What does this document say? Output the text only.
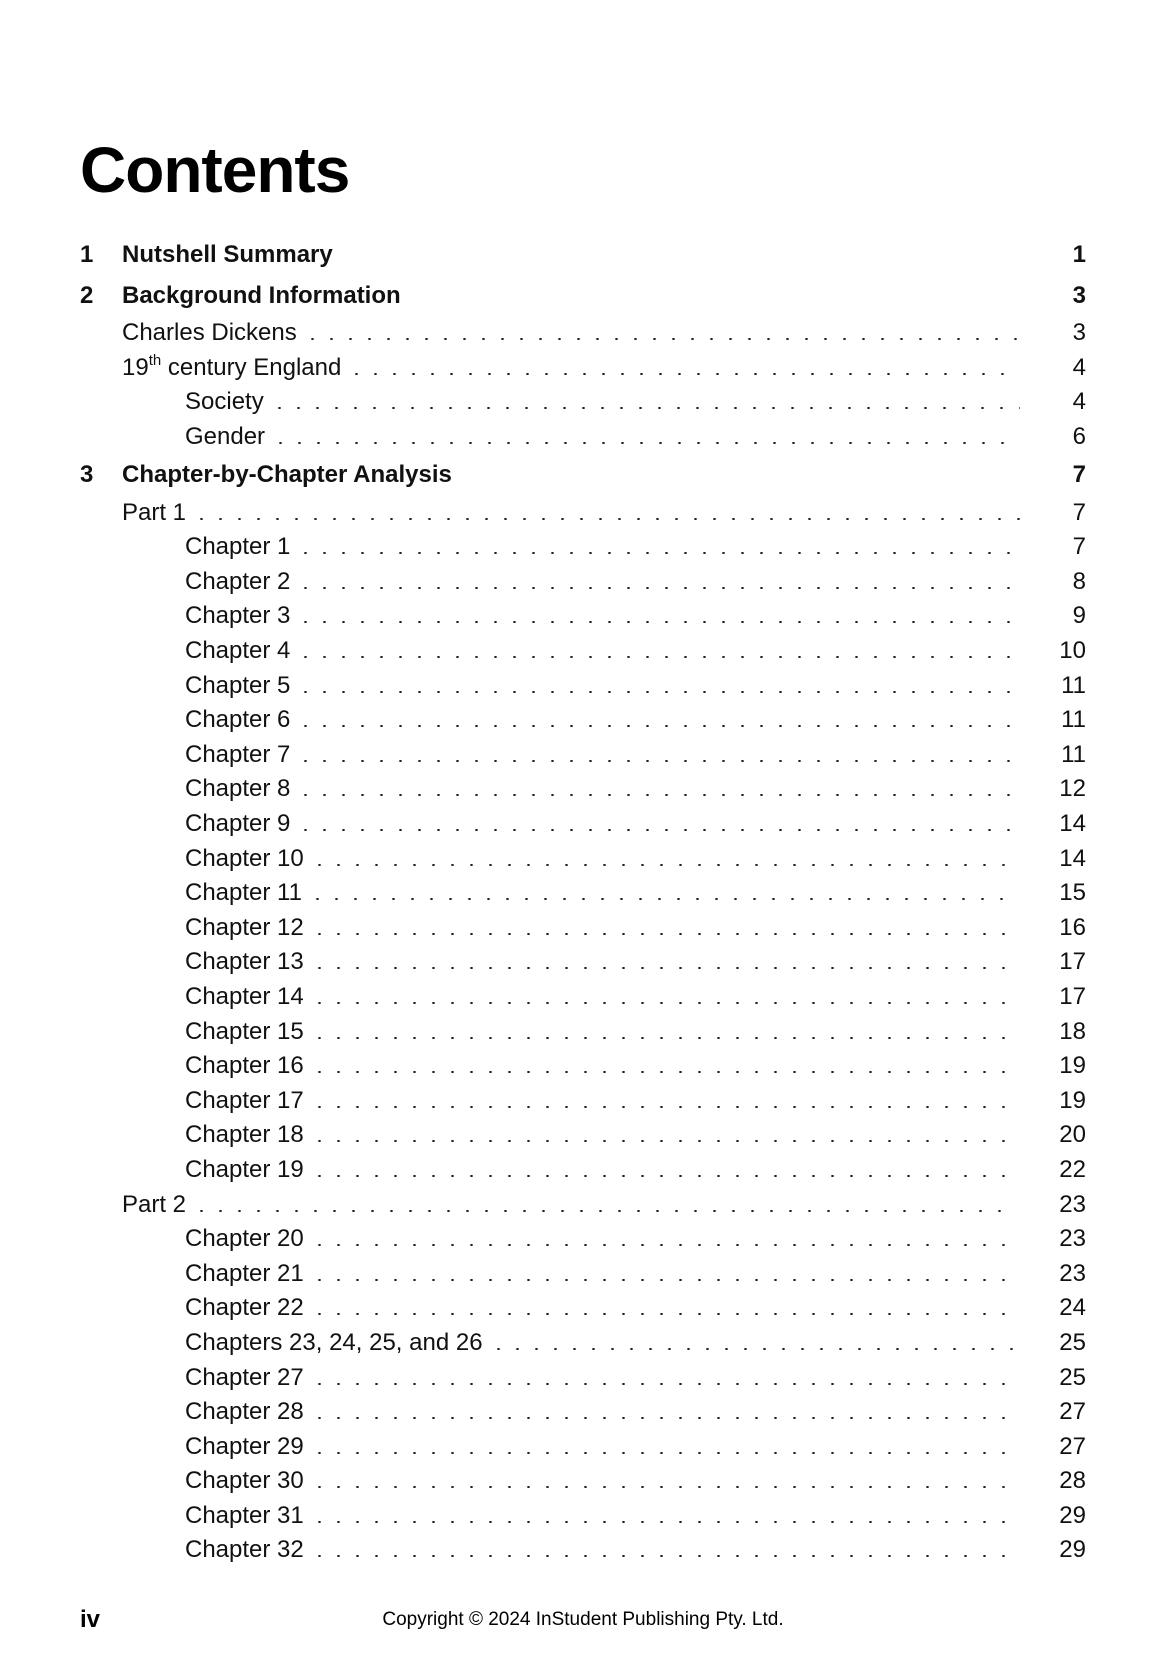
Contents
1	Nutshell Summary	1
2	Background Information	3
Charles Dickens	3
19th century England	4
Society	4
Gender	6
3	Chapter-by-Chapter Analysis	7
Part 1	7
Chapter 1	7
Chapter 2	8
Chapter 3	9
Chapter 4	10
Chapter 5	11
Chapter 6	11
Chapter 7	11
Chapter 8	12
Chapter 9	14
Chapter 10	14
Chapter 11	15
Chapter 12	16
Chapter 13	17
Chapter 14	17
Chapter 15	18
Chapter 16	19
Chapter 17	19
Chapter 18	20
Chapter 19	22
Part 2	23
Chapter 20	23
Chapter 21	23
Chapter 22	24
Chapters 23, 24, 25, and 26	25
Chapter 27	25
Chapter 28	27
Chapter 29	27
Chapter 30	28
Chapter 31	29
Chapter 32	29
iv	Copyright © 2024 InStudent Publishing Pty. Ltd.
